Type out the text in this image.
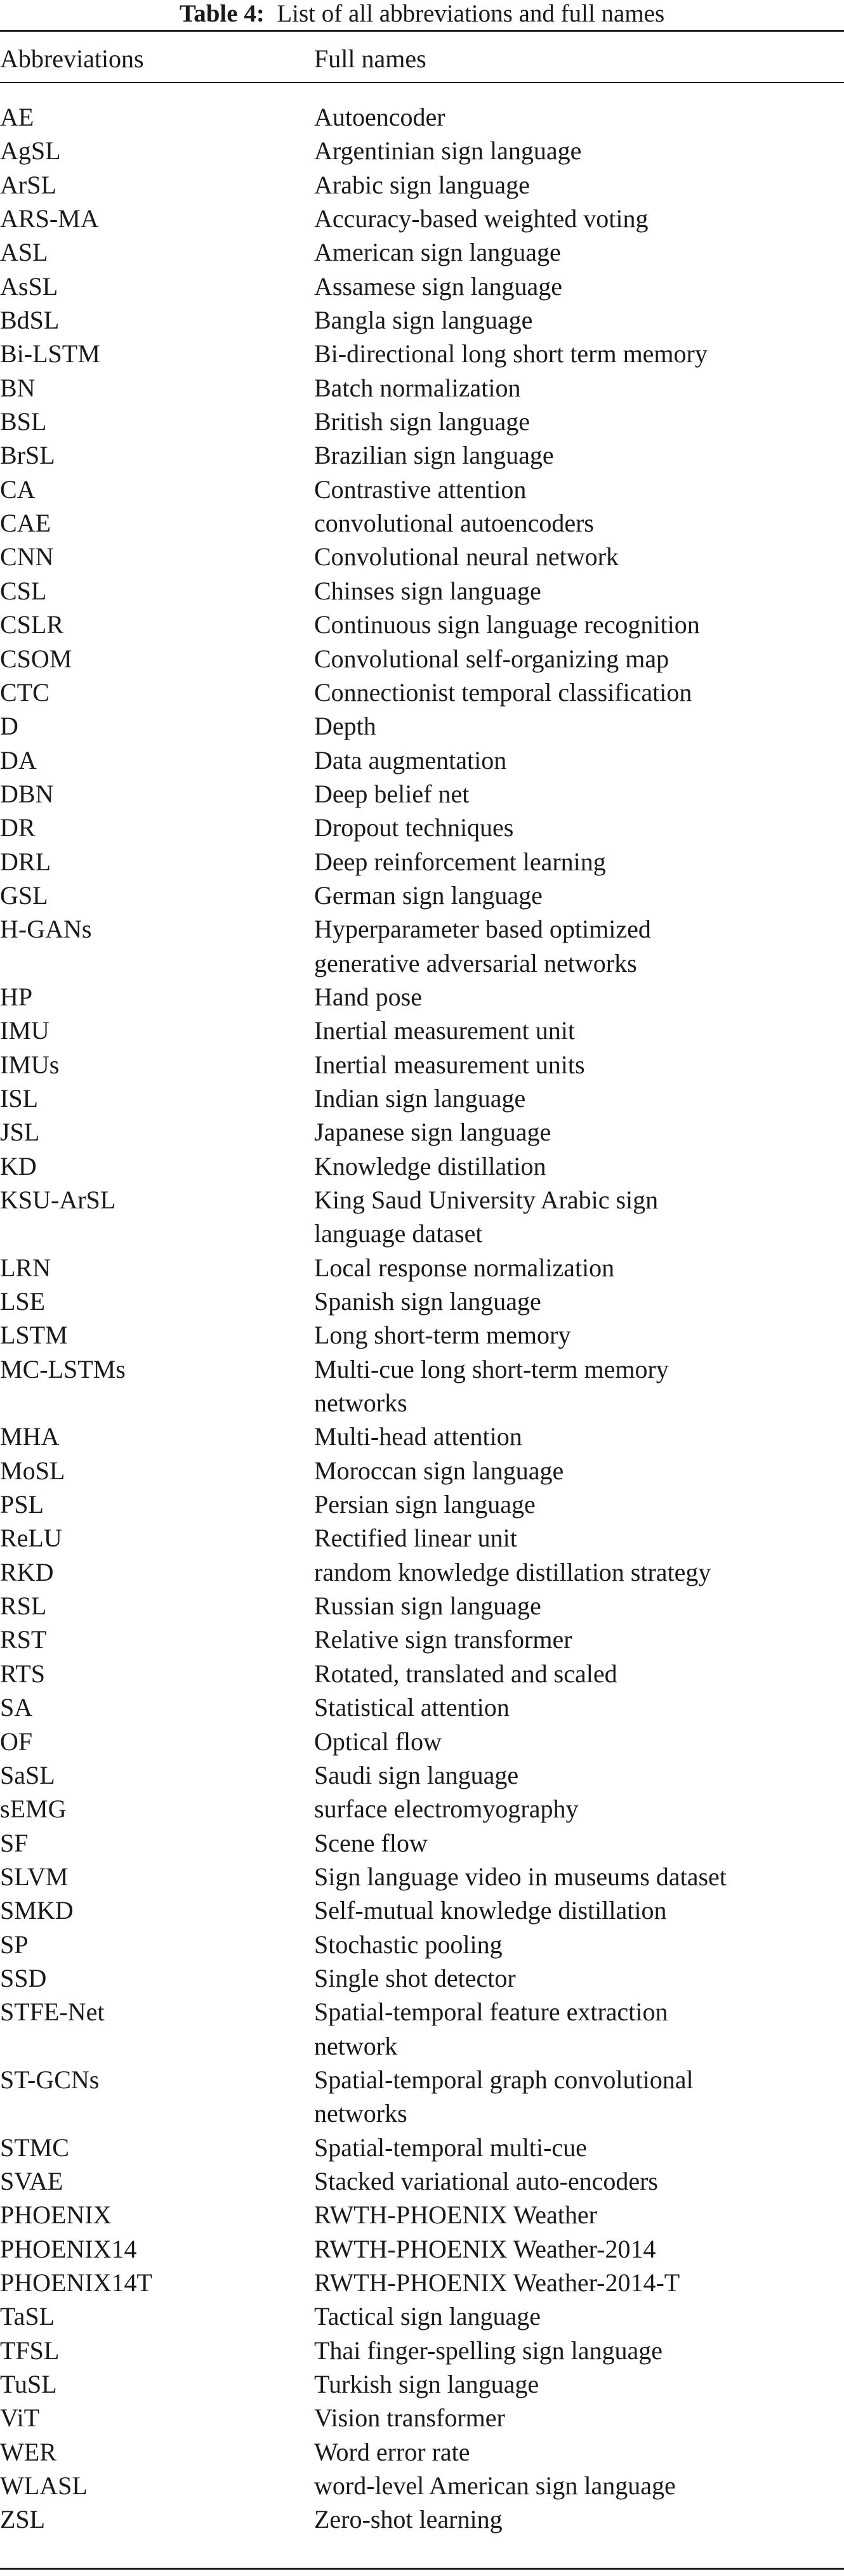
Table 4: List of all abbreviations and full names
Abbreviations	Full names
AE	Autoencoder
AgSL	Argentinian sign language
ArSL	Arabic sign language
ARS-MA	Accuracy-based weighted voting
ASL	American sign language
AsSL	Assamese sign language
BdSL	Bangla sign language
Bi-LSTM	Bi-directional long short term memory
BN	Batch normalization
BSL	British sign language
BrSL	Brazilian sign language
CA	Contrastive attention
CAE	convolutional autoencoders
CNN	Convolutional neural network
CSL	Chinses sign language
CSLR	Continuous sign language recognition
CSOM	Convolutional self-organizing map
CTC	Connectionist temporal classification
D	Depth
DA	Data augmentation
DBN	Deep belief net
DR	Dropout techniques
DRL	Deep reinforcement learning
GSL	German sign language
H-GANs	Hyperparameter based optimized
generative adversarial networks
HP	Hand pose
IMU	Inertial measurement unit
IMUs	Inertial measurement units
ISL	Indian sign language
JSL	Japanese sign language
KD	Knowledge distillation
KSU-ArSL	King Saud University Arabic sign
language dataset
LRN	Local response normalization
LSE	Spanish sign language
LSTM	Long short-term memory
MC-LSTMs	Multi-cue long short-term memory
networks
MHA	Multi-head attention
MoSL	Moroccan sign language
PSL	Persian sign language
ReLU	Rectified linear unit
RKD	random knowledge distillation strategy
RSL	Russian sign language
RST	Relative sign transformer
RTS	Rotated, translated and scaled
SA	Statistical attention
OF	Optical flow
SaSL	Saudi sign language
sEMG	surface electromyography
SF	Scene flow
SLVM	Sign language video in museums dataset
SMKD	Self-mutual knowledge distillation
SP	Stochastic pooling
SSD	Single shot detector
STFE-Net	Spatial-temporal feature extraction
network
ST-GCNs	Spatial-temporal graph convolutional
networks
STMC	Spatial-temporal multi-cue
SVAE	Stacked variational auto-encoders
PHOENIX	RWTH-PHOENIX Weather
PHOENIX14	RWTH-PHOENIX Weather-2014
PHOENIX14T	RWTH-PHOENIX Weather-2014-T
TaSL	Tactical sign language
TFSL	Thai finger-spelling sign language
TuSL	Turkish sign language
ViT	Vision transformer
WER	Word error rate
WLASL	word-level American sign language
ZSL	Zero-shot learning
